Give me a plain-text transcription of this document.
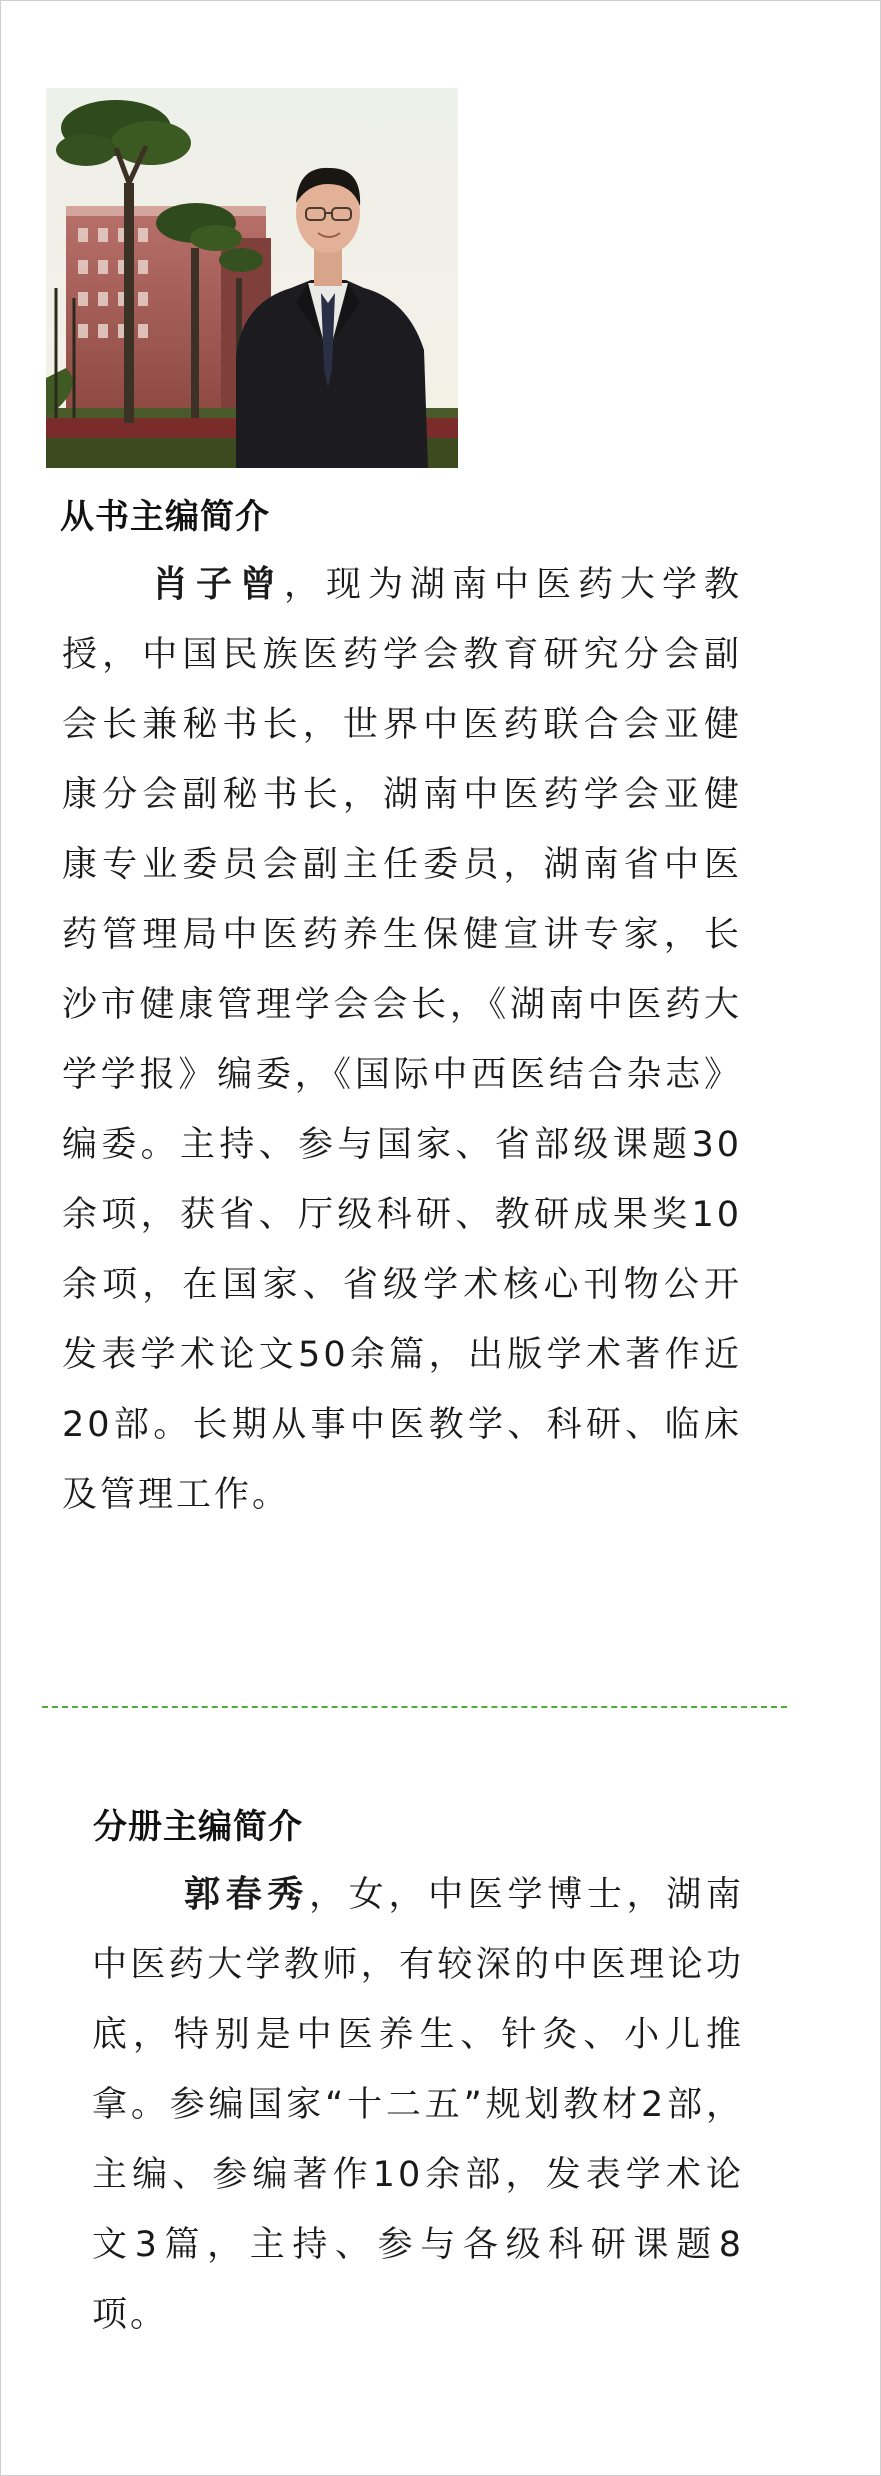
从书主编简介

肖子曾，现为湖南中医药大学教授，中国民族医药学会教育研究分会副会长兼秘书长，世界中医药联合会亚健康分会副秘书长，湖南中医药学会亚健康专业委员会副主任委员，湖南省中医药管理局中医药养生保健宣讲专家，长沙市健康管理学会会长，《湖南中医药大学学报》编委，《国际中西医结合杂志》编委。主持、参与国家、省部级课题30余项，获省、厅级科研、教研成果奖10余项，在国家、省级学术核心刊物公开发表学术论文50余篇，出版学术著作近20部。长期从事中医教学、科研、临床及管理工作。

分册主编简介

郭春秀，女，中医学博士，湖南中医药大学教师，有较深的中医理论功底，特别是中医养生、针灸、小儿推拿。参编国家“十二五”规划教材2部，主编、参编著作10余部，发表学术论文3篇，主持、参与各级科研课题8项。
